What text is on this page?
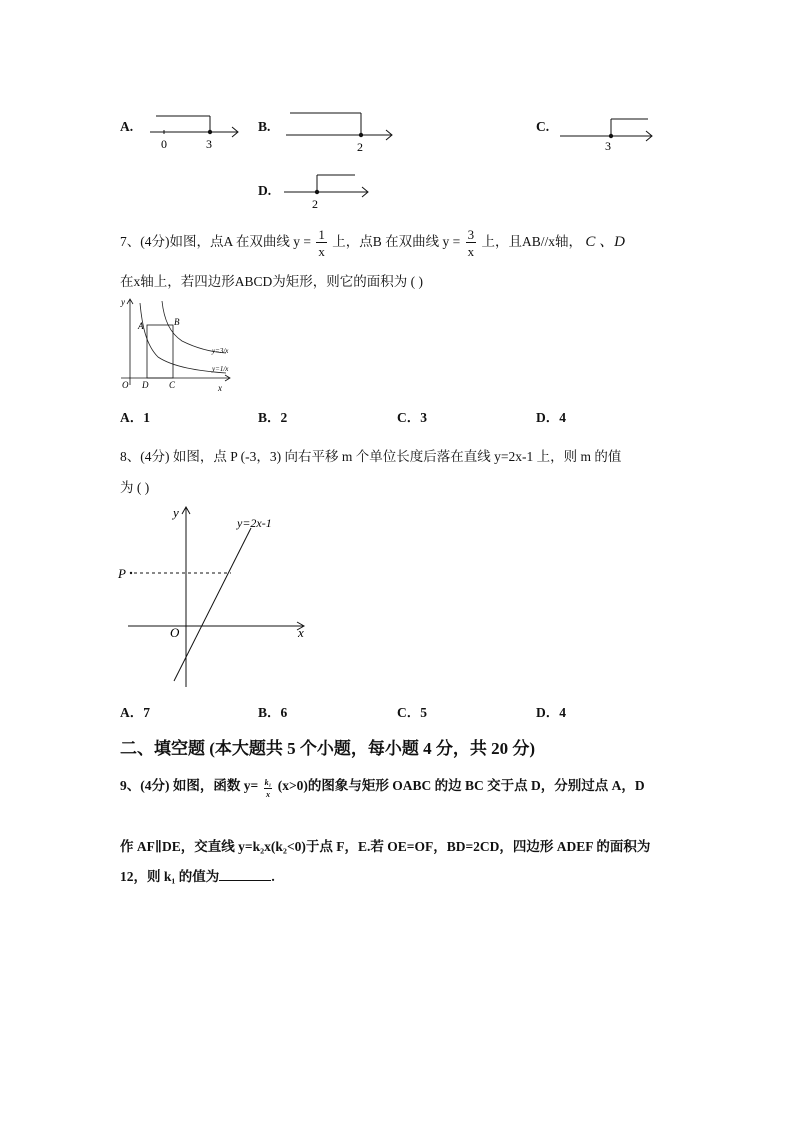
A.
0	3
B.
2
C.
3
D.
2
7、(4分)如图，点A 在双曲线 $y = \frac{1}{x}$ 上，点B 在双曲线 $y = \frac{3}{x}$ 上，且AB//x轴， C 、D
在x轴上，若四边形ABCD为矩形，则它的面积为 ( )
y
x
O
A	B
D C
y=3/x
y=1/x
A．1	B．2	C．3	D．4
8、(4分) 如图，点 P (-3，3) 向右平移 m 个单位长度后落在直线 y=2x-1 上，则 m 的值
为 ( )
y
x
O
P
y=2x-1
A．7	B．6	C．5	D．4
二、填空题 (本大题共 5 个小题，每小题 4 分，共 20 分)
9、(4分) 如图，函数 $y= \frac{\text{k₁}}{x} (x>0)$的图象与矩形 OABC 的边 BC 交于点 D，分别过点 A，D
作 AF∥DE，交直线 y=k₂x(k₂<0)于点 F，E.若 OE=OF，BD=2CD，四边形 ADEF 的面积为
12，则 k₁ 的值为	.
